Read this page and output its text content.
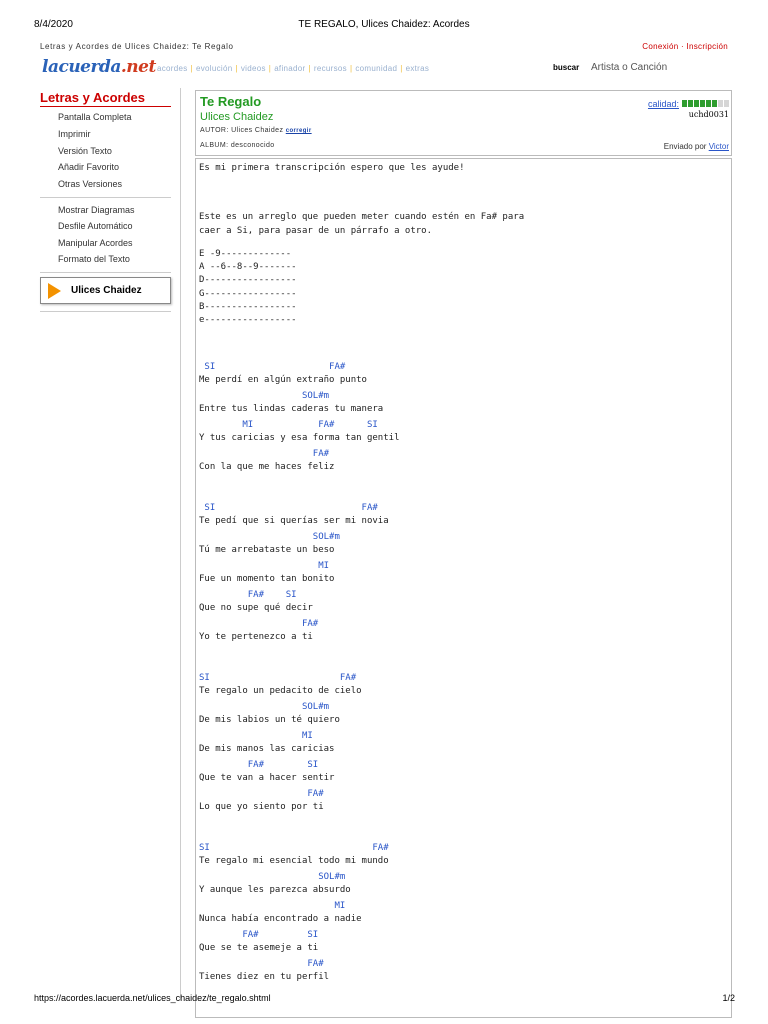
8/4/2020	TE REGALO, Ulices Chaidez: Acordes
Letras y Acordes de Ulices Chaidez: Te Regalo	Conexión · Inscripción
lacuerda.net acordes | evolución | videos | afinador | recursos | comunidad | extras	buscar
Artista o Canción
Letras y Acordes
Pantalla Completa
Imprimir
Versión Texto
Añadir Favorito
Otras Versiones
Mostrar Diagramas
Desfile Automático
Manipular Acordes
Formato del Texto
Ulices Chaidez
Te Regalo
Ulices Chaidez
AUTOR: Ulices Chaidez corregir
ALBUM: desconocido
calidad:
uchd0031
Enviado por Victor
Es mi primera transcripción espero que les ayude!
Este es un arreglo que pueden meter cuando estén en Fa# para
caer a Si, para pasar de un párrafo a otro.
E -9-------------
A --6--8--9-------
D-----------------
G-----------------
B-----------------
e-----------------
SI                     FA#
Me perdí en algún extraño punto
SOL#m
Entre tus lindas caderas tu manera
MI            FA#      SI
Y tus caricias y esa forma tan gentil
FA#
Con la que me haces feliz
SI                           FA#
Te pedí que si querías ser mi novia
SOL#m
Tú me arrebataste un beso
MI
Fue un momento tan bonito
FA#    SI
Que no supe qué decir
FA#
Yo te pertenezco a ti
SI                        FA#
Te regalo un pedacito de cielo
SOL#m
De mis labios un té quiero
MI
De mis manos las caricias
FA#        SI
Que te van a hacer sentir
FA#
Lo que yo siento por ti
SI                              FA#
Te regalo mi esencial todo mi mundo
SOL#m
Y aunque les parezca absurdo
MI
Nunca había encontrado a nadie
FA#         SI
Que se te asemeje a ti
FA#
Tienes diez en tu perfil
https://acordes.lacuerda.net/ulices_chaidez/te_regalo.shtml	1/2
